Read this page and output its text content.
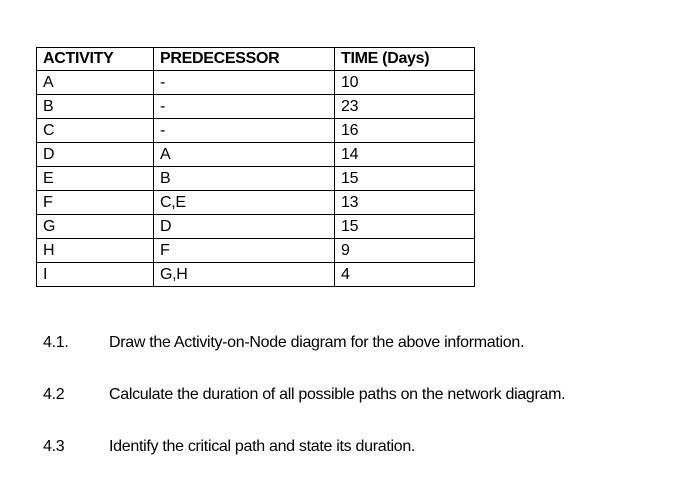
ACTIVITY	PREDECESSOR	TIME (Days)
A	-	10
B	-	23
C	-	16
D	A	14
E	B	15
F	C,E	13
G	D	15
H	F	9
I	G,H	4
4.1.	Draw the Activity-on-Node diagram for the above information.
4.2	Calculate the duration of all possible paths on the network diagram.
4.3	Identify the critical path and state its duration.
